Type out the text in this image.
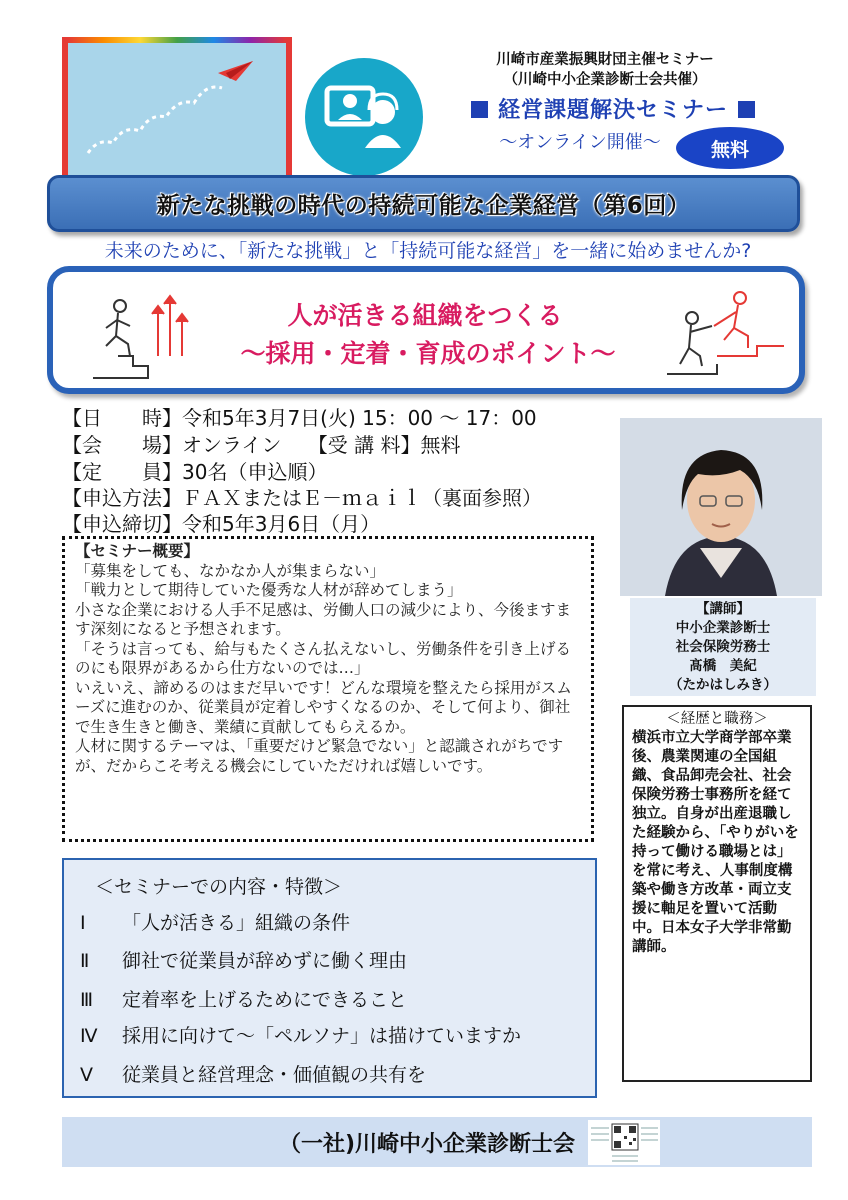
川崎市産業振興財団主催セミナー
（川崎中小企業診断士会共催）
経営課題解決セミナー
～オンライン開催～	無料
新たな挑戦の時代の持続可能な企業経営（第6回）
未来のために、「新たな挑戦」と「持続可能な経営」を一緒に始めませんか?
人が活きる組織をつくる
～採用・定着・育成のポイント～
【日　　時】令和5年3月7日(火) 15：00 ～ 17：00
【会　　場】オンライン　 【受 講 料】無料
【定　　員】30名（申込順）
【申込方法】ＦＡＸまたはＥ－ｍａｉｌ（裏面参照）
【申込締切】令和5年3月6日（月）
【講師】
中小企業診断士
社会保険労務士
髙橋　美紀
（たかはしみき）
＜経歴と職務＞
横浜市立大学商学部卒業後、農業関連の全国組織、食品卸売会社、社会保険労務士事務所を経て独立。自身が出産退職した経験から、「やりがいを持って働ける職場とは」を常に考え、人事制度構築や働き方改革・両立支援に軸足を置いて活動中。日本女子大学非常勤講師。

【セミナー概要】

「募集をしても、なかなか人が集まらない」

「戦力として期待していた優秀な人材が辞めてしまう」

小さな企業における人手不足感は、労働人口の減少により、今後ますます深刻になると予想されます。

「そうは言っても、給与もたくさん払えないし、労働条件を引き上げるのにも限界があるから仕方ないのでは…」

いえいえ、諦めるのはまだ早いです！どんな環境を整えたら採用がスムーズに進むのか、従業員が定着しやすくなるのか、そして何より、御社で生き生きと働き、業績に貢献してもらえるか。

人材に関するテーマは、「重要だけど緊急でない」と認識されがちですが、だからこそ考える機会にしていただければ嬉しいです。

＜セミナーでの内容・特徴＞
Ⅰ 「人が活きる」組織の条件
Ⅱ 御社で従業員が辞めずに働く理由
Ⅲ 定着率を上げるためにできること
Ⅳ 採用に向けて～「ペルソナ」は描けていますか
Ⅴ 従業員と経営理念・価値観の共有を
（一社)川崎中小企業診断士会
